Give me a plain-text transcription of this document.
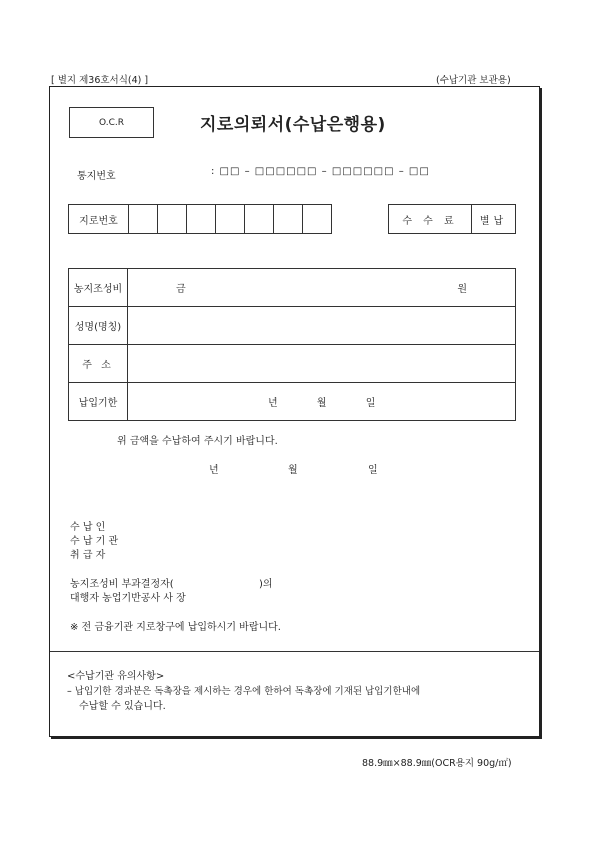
[ 별지 제36호서식(4) ]	(수납기관 보관용)
O.C.R	지로의뢰서(수납은행용)
통지번호	: □□ – □□□□□□ – □□□□□□ – □□
지로번호	수 수 료	별납
농지조성비	금 원

성명(명칭)	
주 소	
납입기한	년 월 일
위 금액을 수납하여 주시기 바랍니다.
년	월	일
수 납 인
수 납 기 관
취 급 자
농지조성비 부과결정자(	)의
대행자 농업기반공사 사 장
※ 전 금융기관 지로창구에 납입하시기 바랍니다.
<수납기관 유의사항>
– 납입기한 경과분은 독촉장을 제시하는 경우에 한하여 독촉장에 기재된 납입기한내에
수납할 수 있습니다.
88.9㎜×88.9㎜(OCR용지 90g/㎡)
